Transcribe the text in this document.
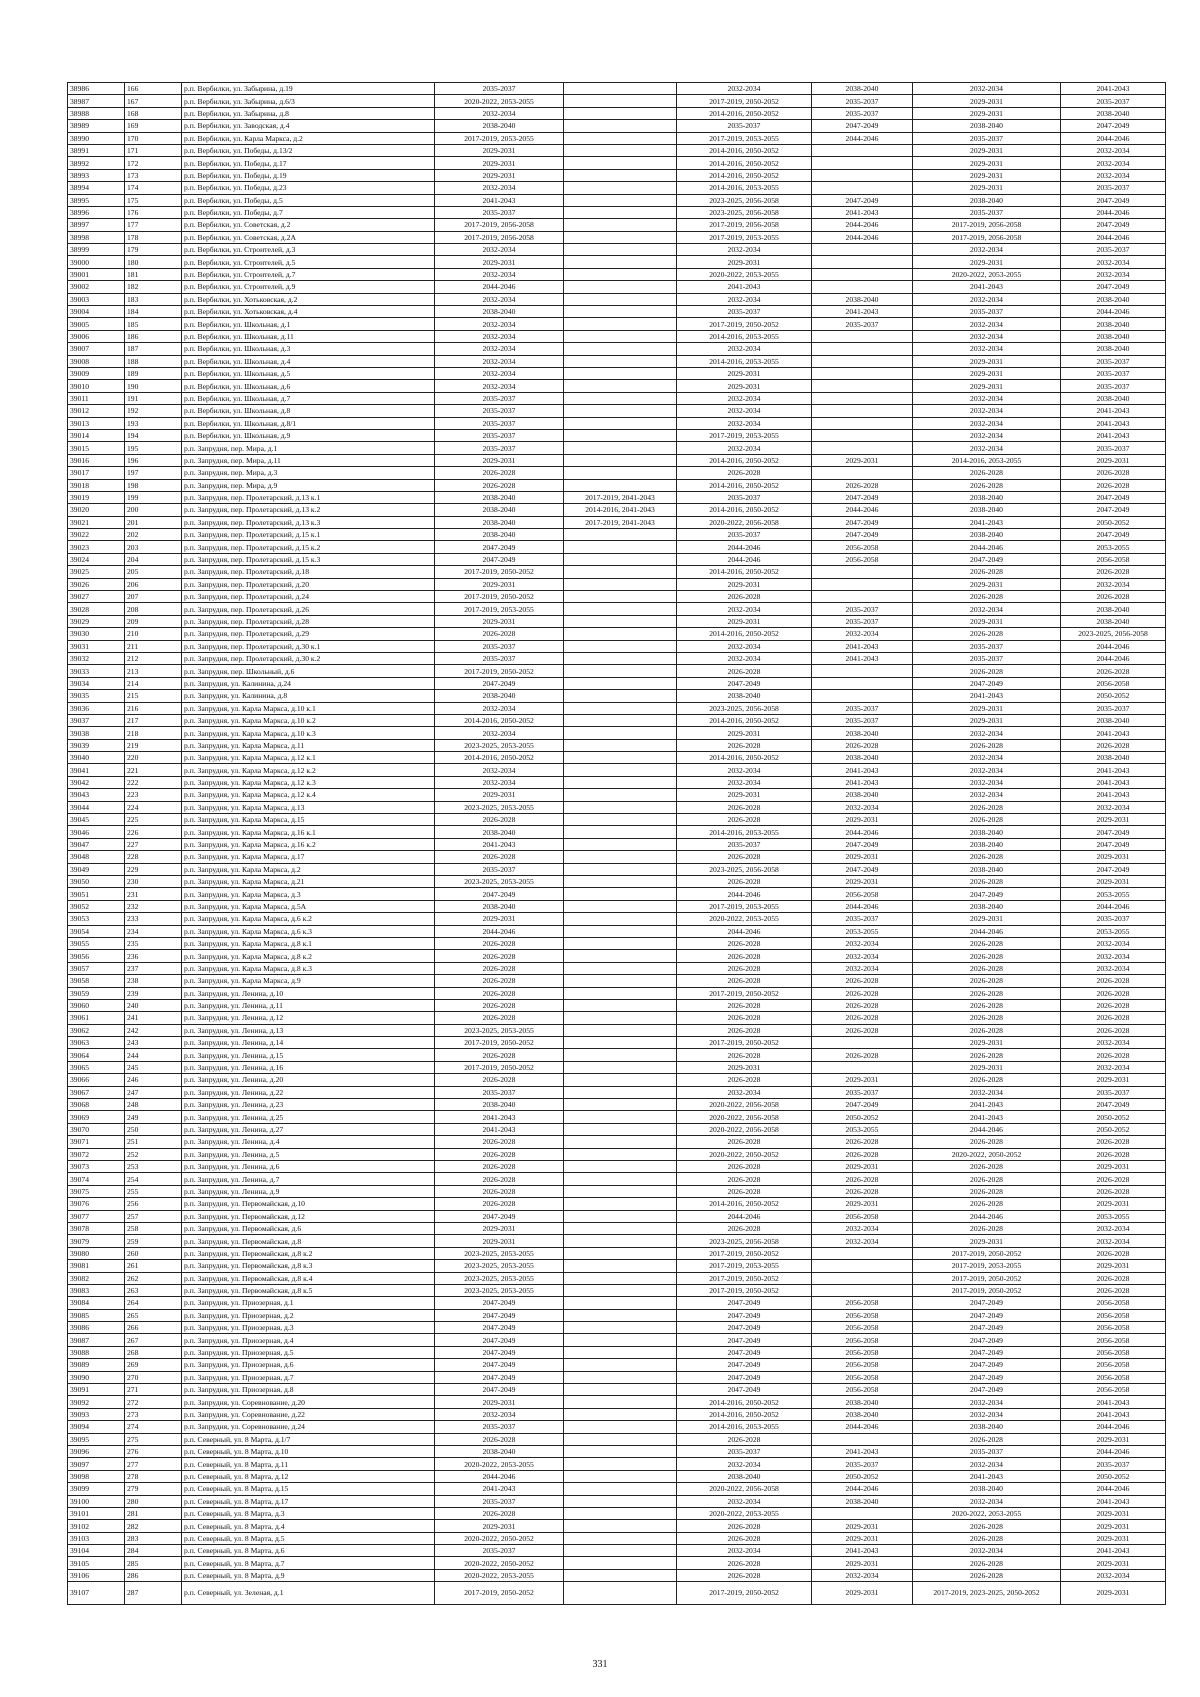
38986	166	р.п. Вербилки, ул. Забырина, д.19	2035-2037		2032-2034	2038-2040	2032-2034	2041-2043
38987	167	р.п. Вербилки, ул. Забырина, д.6/3	2020-2022, 2053-2055		2017-2019, 2050-2052	2035-2037	2029-2031	2035-2037
38988	168	р.п. Вербилки, ул. Забырина, д.8	2032-2034		2014-2016, 2050-2052	2035-2037	2029-2031	2038-2040
38989	169	р.п. Вербилки, ул. Заводская, д.4	2038-2040		2035-2037	2047-2049	2038-2040	2047-2049
38990	170	р.п. Вербилки, ул. Карла Маркса, д.2	2017-2019, 2053-2055		2017-2019, 2053-2055	2044-2046	2035-2037	2044-2046
38991	171	р.п. Вербилки, ул. Победы, д.13/2	2029-2031		2014-2016, 2050-2052		2029-2031	2032-2034
38992	172	р.п. Вербилки, ул. Победы, д.17	2029-2031		2014-2016, 2050-2052		2029-2031	2032-2034
38993	173	р.п. Вербилки, ул. Победы, д.19	2029-2031		2014-2016, 2050-2052		2029-2031	2032-2034
38994	174	р.п. Вербилки, ул. Победы, д.23	2032-2034		2014-2016, 2053-2055		2029-2031	2035-2037
38995	175	р.п. Вербилки, ул. Победы, д.5	2041-2043		2023-2025, 2056-2058	2047-2049	2038-2040	2047-2049
38996	176	р.п. Вербилки, ул. Победы, д.7	2035-2037		2023-2025, 2056-2058	2041-2043	2035-2037	2044-2046
38997	177	р.п. Вербилки, ул. Советская, д.2	2017-2019, 2056-2058		2017-2019, 2056-2058	2044-2046	2017-2019, 2056-2058	2047-2049
38998	178	р.п. Вербилки, ул. Советская, д.2А	2017-2019, 2056-2058		2017-2019, 2053-2055	2044-2046	2017-2019, 2056-2058	2044-2046
38999	179	р.п. Вербилки, ул. Строителей, д.3	2032-2034		2032-2034		2032-2034	2035-2037
39000	180	р.п. Вербилки, ул. Строителей, д.5	2029-2031		2029-2031		2029-2031	2032-2034
39001	181	р.п. Вербилки, ул. Строителей, д.7	2032-2034		2020-2022, 2053-2055		2020-2022, 2053-2055	2032-2034
39002	182	р.п. Вербилки, ул. Строителей, д.9	2044-2046		2041-2043		2041-2043	2047-2049
39003	183	р.п. Вербилки, ул. Хотьковская, д.2	2032-2034		2032-2034	2038-2040	2032-2034	2038-2040
39004	184	р.п. Вербилки, ул. Хотьковская, д.4	2038-2040		2035-2037	2041-2043	2035-2037	2044-2046
39005	185	р.п. Вербилки, ул. Школьная, д.1	2032-2034		2017-2019, 2050-2052	2035-2037	2032-2034	2038-2040
39006	186	р.п. Вербилки, ул. Школьная, д.11	2032-2034		2014-2016, 2053-2055		2032-2034	2038-2040
39007	187	р.п. Вербилки, ул. Школьная, д.3	2032-2034		2032-2034		2032-2034	2038-2040
39008	188	р.п. Вербилки, ул. Школьная, д.4	2032-2034		2014-2016, 2053-2055		2029-2031	2035-2037
39009	189	р.п. Вербилки, ул. Школьная, д.5	2032-2034		2029-2031		2029-2031	2035-2037
39010	190	р.п. Вербилки, ул. Школьная, д.6	2032-2034		2029-2031		2029-2031	2035-2037
39011	191	р.п. Вербилки, ул. Школьная, д.7	2035-2037		2032-2034		2032-2034	2038-2040
39012	192	р.п. Вербилки, ул. Школьная, д.8	2035-2037		2032-2034		2032-2034	2041-2043
39013	193	р.п. Вербилки, ул. Школьная, д.8/1	2035-2037		2032-2034		2032-2034	2041-2043
39014	194	р.п. Вербилки, ул. Школьная, д.9	2035-2037		2017-2019, 2053-2055		2032-2034	2041-2043
39015	195	р.п. Запрудня, пер. Мира, д.1	2035-2037		2032-2034		2032-2034	2035-2037
39016	196	р.п. Запрудня, пер. Мира, д.11	2029-2031		2014-2016, 2050-2052	2029-2031	2014-2016, 2053-2055	2029-2031
39017	197	р.п. Запрудня, пер. Мира, д.3	2026-2028		2026-2028		2026-2028	2026-2028
39018	198	р.п. Запрудня, пер. Мира, д.9	2026-2028		2014-2016, 2050-2052	2026-2028	2026-2028	2026-2028
39019	199	р.п. Запрудня, пер. Пролетарский, д.13 к.1	2038-2040	2017-2019, 2041-2043	2035-2037	2047-2049	2038-2040	2047-2049
39020	200	р.п. Запрудня, пер. Пролетарский, д.13 к.2	2038-2040	2014-2016, 2041-2043	2014-2016, 2050-2052	2044-2046	2038-2040	2047-2049
39021	201	р.п. Запрудня, пер. Пролетарский, д.13 к.3	2038-2040	2017-2019, 2041-2043	2020-2022, 2056-2058	2047-2049	2041-2043	2050-2052
39022	202	р.п. Запрудня, пер. Пролетарский, д.15 к.1	2038-2040		2035-2037	2047-2049	2038-2040	2047-2049
39023	203	р.п. Запрудня, пер. Пролетарский, д.15 к.2	2047-2049		2044-2046	2056-2058	2044-2046	2053-2055
39024	204	р.п. Запрудня, пер. Пролетарский, д.15 к.3	2047-2049		2044-2046	2056-2058	2047-2049	2056-2058
39025	205	р.п. Запрудня, пер. Пролетарский, д.18	2017-2019, 2050-2052		2014-2016, 2050-2052		2026-2028	2026-2028
39026	206	р.п. Запрудня, пер. Пролетарский, д.20	2029-2031		2029-2031		2029-2031	2032-2034
39027	207	р.п. Запрудня, пер. Пролетарский, д.24	2017-2019, 2050-2052		2026-2028		2026-2028	2026-2028
39028	208	р.п. Запрудня, пер. Пролетарский, д.26	2017-2019, 2053-2055		2032-2034	2035-2037	2032-2034	2038-2040
39029	209	р.п. Запрудня, пер. Пролетарский, д.28	2029-2031		2029-2031	2035-2037	2029-2031	2038-2040
39030	210	р.п. Запрудня, пер. Пролетарский, д.29	2026-2028		2014-2016, 2050-2052	2032-2034	2026-2028	2023-2025, 2056-2058
39031	211	р.п. Запрудня, пер. Пролетарский, д.30 к.1	2035-2037		2032-2034	2041-2043	2035-2037	2044-2046
39032	212	р.п. Запрудня, пер. Пролетарский, д.30 к.2	2035-2037		2032-2034	2041-2043	2035-2037	2044-2046
39033	213	р.п. Запрудня, пер. Школьный, д.6	2017-2019, 2050-2052		2026-2028		2026-2028	2026-2028
39034	214	р.п. Запрудня, ул. Калинина, д.24	2047-2049		2047-2049		2047-2049	2056-2058
39035	215	р.п. Запрудня, ул. Калинина, д.8	2038-2040		2038-2040		2041-2043	2050-2052
39036	216	р.п. Запрудня, ул. Карла Маркса, д.10 к.1	2032-2034		2023-2025, 2056-2058	2035-2037	2029-2031	2035-2037
39037	217	р.п. Запрудня, ул. Карла Маркса, д.10 к.2	2014-2016, 2050-2052		2014-2016, 2050-2052	2035-2037	2029-2031	2038-2040
39038	218	р.п. Запрудня, ул. Карла Маркса, д.10 к.3	2032-2034		2029-2031	2038-2040	2032-2034	2041-2043
39039	219	р.п. Запрудня, ул. Карла Маркса, д.11	2023-2025, 2053-2055		2026-2028	2026-2028	2026-2028	2026-2028
39040	220	р.п. Запрудня, ул. Карла Маркса, д.12 к.1	2014-2016, 2050-2052		2014-2016, 2050-2052	2038-2040	2032-2034	2038-2040
39041	221	р.п. Запрудня, ул. Карла Маркса, д.12 к.2	2032-2034		2032-2034	2041-2043	2032-2034	2041-2043
39042	222	р.п. Запрудня, ул. Карла Маркса, д.12 к.3	2032-2034		2032-2034	2041-2043	2032-2034	2041-2043
39043	223	р.п. Запрудня, ул. Карла Маркса, д.12 к.4	2029-2031		2029-2031	2038-2040	2032-2034	2041-2043
39044	224	р.п. Запрудня, ул. Карла Маркса, д.13	2023-2025, 2053-2055		2026-2028	2032-2034	2026-2028	2032-2034
39045	225	р.п. Запрудня, ул. Карла Маркса, д.15	2026-2028		2026-2028	2029-2031	2026-2028	2029-2031
39046	226	р.п. Запрудня, ул. Карла Маркса, д.16 к.1	2038-2040		2014-2016, 2053-2055	2044-2046	2038-2040	2047-2049
39047	227	р.п. Запрудня, ул. Карла Маркса, д.16 к.2	2041-2043		2035-2037	2047-2049	2038-2040	2047-2049
39048	228	р.п. Запрудня, ул. Карла Маркса, д.17	2026-2028		2026-2028	2029-2031	2026-2028	2029-2031
39049	229	р.п. Запрудня, ул. Карла Маркса, д.2	2035-2037		2023-2025, 2056-2058	2047-2049	2038-2040	2047-2049
39050	230	р.п. Запрудня, ул. Карла Маркса, д.21	2023-2025, 2053-2055		2026-2028	2029-2031	2026-2028	2029-2031
39051	231	р.п. Запрудня, ул. Карла Маркса, д.3	2047-2049		2044-2046	2056-2058	2047-2049	2053-2055
39052	232	р.п. Запрудня, ул. Карла Маркса, д.5А	2038-2040		2017-2019, 2053-2055	2044-2046	2038-2040	2044-2046
39053	233	р.п. Запрудня, ул. Карла Маркса, д.6 к.2	2029-2031		2020-2022, 2053-2055	2035-2037	2029-2031	2035-2037
39054	234	р.п. Запрудня, ул. Карла Маркса, д.6 к.3	2044-2046		2044-2046	2053-2055	2044-2046	2053-2055
39055	235	р.п. Запрудня, ул. Карла Маркса, д.8 к.1	2026-2028		2026-2028	2032-2034	2026-2028	2032-2034
39056	236	р.п. Запрудня, ул. Карла Маркса, д.8 к.2	2026-2028		2026-2028	2032-2034	2026-2028	2032-2034
39057	237	р.п. Запрудня, ул. Карла Маркса, д.8 к.3	2026-2028		2026-2028	2032-2034	2026-2028	2032-2034
39058	238	р.п. Запрудня, ул. Карла Маркса, д.9	2026-2028		2026-2028	2026-2028	2026-2028	2026-2028
39059	239	р.п. Запрудня, ул. Ленина, д.10	2026-2028		2017-2019, 2050-2052	2026-2028	2026-2028	2026-2028
39060	240	р.п. Запрудня, ул. Ленина, д.11	2026-2028		2026-2028	2026-2028	2026-2028	2026-2028
39061	241	р.п. Запрудня, ул. Ленина, д.12	2026-2028		2026-2028	2026-2028	2026-2028	2026-2028
39062	242	р.п. Запрудня, ул. Ленина, д.13	2023-2025, 2053-2055		2026-2028	2026-2028	2026-2028	2026-2028
39063	243	р.п. Запрудня, ул. Ленина, д.14	2017-2019, 2050-2052		2017-2019, 2050-2052		2029-2031	2032-2034
39064	244	р.п. Запрудня, ул. Ленина, д.15	2026-2028		2026-2028	2026-2028	2026-2028	2026-2028
39065	245	р.п. Запрудня, ул. Ленина, д.16	2017-2019, 2050-2052		2029-2031		2029-2031	2032-2034
39066	246	р.п. Запрудня, ул. Ленина, д.20	2026-2028		2026-2028	2029-2031	2026-2028	2029-2031
39067	247	р.п. Запрудня, ул. Ленина, д.22	2035-2037		2032-2034	2035-2037	2032-2034	2035-2037
39068	248	р.п. Запрудня, ул. Ленина, д.23	2038-2040		2020-2022, 2056-2058	2047-2049	2041-2043	2047-2049
39069	249	р.п. Запрудня, ул. Ленина, д.25	2041-2043		2020-2022, 2056-2058	2050-2052	2041-2043	2050-2052
39070	250	р.п. Запрудня, ул. Ленина, д.27	2041-2043		2020-2022, 2056-2058	2053-2055	2044-2046	2050-2052
39071	251	р.п. Запрудня, ул. Ленина, д.4	2026-2028		2026-2028	2026-2028	2026-2028	2026-2028
39072	252	р.п. Запрудня, ул. Ленина, д.5	2026-2028		2020-2022, 2050-2052	2026-2028	2020-2022, 2050-2052	2026-2028
39073	253	р.п. Запрудня, ул. Ленина, д.6	2026-2028		2026-2028	2029-2031	2026-2028	2029-2031
39074	254	р.п. Запрудня, ул. Ленина, д.7	2026-2028		2026-2028	2026-2028	2026-2028	2026-2028
39075	255	р.п. Запрудня, ул. Ленина, д.9	2026-2028		2026-2028	2026-2028	2026-2028	2026-2028
39076	256	р.п. Запрудня, ул. Первомайская, д.10	2026-2028		2014-2016, 2050-2052	2029-2031	2026-2028	2029-2031
39077	257	р.п. Запрудня, ул. Первомайская, д.12	2047-2049		2044-2046	2056-2058	2044-2046	2053-2055
39078	258	р.п. Запрудня, ул. Первомайская, д.6	2029-2031		2026-2028	2032-2034	2026-2028	2032-2034
39079	259	р.п. Запрудня, ул. Первомайская, д.8	2029-2031		2023-2025, 2056-2058	2032-2034	2029-2031	2032-2034
39080	260	р.п. Запрудня, ул. Первомайская, д.8 к.2	2023-2025, 2053-2055		2017-2019, 2050-2052		2017-2019, 2050-2052	2026-2028
39081	261	р.п. Запрудня, ул. Первомайская, д.8 к.3	2023-2025, 2053-2055		2017-2019, 2053-2055		2017-2019, 2053-2055	2029-2031
39082	262	р.п. Запрудня, ул. Первомайская, д.8 к.4	2023-2025, 2053-2055		2017-2019, 2050-2052		2017-2019, 2050-2052	2026-2028
39083	263	р.п. Запрудня, ул. Первомайская, д.8 к.5	2023-2025, 2053-2055		2017-2019, 2050-2052		2017-2019, 2050-2052	2026-2028
39084	264	р.п. Запрудня, ул. Приозерная, д.1	2047-2049		2047-2049	2056-2058	2047-2049	2056-2058
39085	265	р.п. Запрудня, ул. Приозерная, д.2	2047-2049		2047-2049	2056-2058	2047-2049	2056-2058
39086	266	р.п. Запрудня, ул. Приозерная, д.3	2047-2049		2047-2049	2056-2058	2047-2049	2056-2058
39087	267	р.п. Запрудня, ул. Приозерная, д.4	2047-2049		2047-2049	2056-2058	2047-2049	2056-2058
39088	268	р.п. Запрудня, ул. Приозерная, д.5	2047-2049		2047-2049	2056-2058	2047-2049	2056-2058
39089	269	р.п. Запрудня, ул. Приозерная, д.6	2047-2049		2047-2049	2056-2058	2047-2049	2056-2058
39090	270	р.п. Запрудня, ул. Приозерная, д.7	2047-2049		2047-2049	2056-2058	2047-2049	2056-2058
39091	271	р.п. Запрудня, ул. Приозерная, д.8	2047-2049		2047-2049	2056-2058	2047-2049	2056-2058
39092	272	р.п. Запрудня, ул. Соревнование, д.20	2029-2031		2014-2016, 2050-2052	2038-2040	2032-2034	2041-2043
39093	273	р.п. Запрудня, ул. Соревнование, д.22	2032-2034		2014-2016, 2050-2052	2038-2040	2032-2034	2041-2043
39094	274	р.п. Запрудня, ул. Соревнование, д.24	2035-2037		2014-2016, 2053-2055	2044-2046	2038-2040	2044-2046
39095	275	р.п. Северный, ул. 8 Марта, д.1/7	2026-2028		2026-2028		2026-2028	2029-2031
39096	276	р.п. Северный, ул. 8 Марта, д.10	2038-2040		2035-2037	2041-2043	2035-2037	2044-2046
39097	277	р.п. Северный, ул. 8 Марта, д.11	2020-2022, 2053-2055		2032-2034	2035-2037	2032-2034	2035-2037
39098	278	р.п. Северный, ул. 8 Марта, д.12	2044-2046		2038-2040	2050-2052	2041-2043	2050-2052
39099	279	р.п. Северный, ул. 8 Марта, д.15	2041-2043		2020-2022, 2056-2058	2044-2046	2038-2040	2044-2046
39100	280	р.п. Северный, ул. 8 Марта, д.17	2035-2037		2032-2034	2038-2040	2032-2034	2041-2043
39101	281	р.п. Северный, ул. 8 Марта, д.3	2026-2028		2020-2022, 2053-2055		2020-2022, 2053-2055	2029-2031
39102	282	р.п. Северный, ул. 8 Марта, д.4	2029-2031		2026-2028	2029-2031	2026-2028	2029-2031
39103	283	р.п. Северный, ул. 8 Марта, д.5	2020-2022, 2050-2052		2026-2028	2029-2031	2026-2028	2029-2031
39104	284	р.п. Северный, ул. 8 Марта, д.6	2035-2037		2032-2034	2041-2043	2032-2034	2041-2043
39105	285	р.п. Северный, ул. 8 Марта, д.7	2020-2022, 2050-2052		2026-2028	2029-2031	2026-2028	2029-2031
39106	286	р.п. Северный, ул. 8 Марта, д.9	2020-2022, 2053-2055		2026-2028	2032-2034	2026-2028	2032-2034
39107	287	р.п. Северный, ул. Зеленая, д.1	2017-2019, 2050-2052		2017-2019, 2050-2052	2029-2031	2017-2019, 2023-2025, 2050-2052	2029-2031
331
